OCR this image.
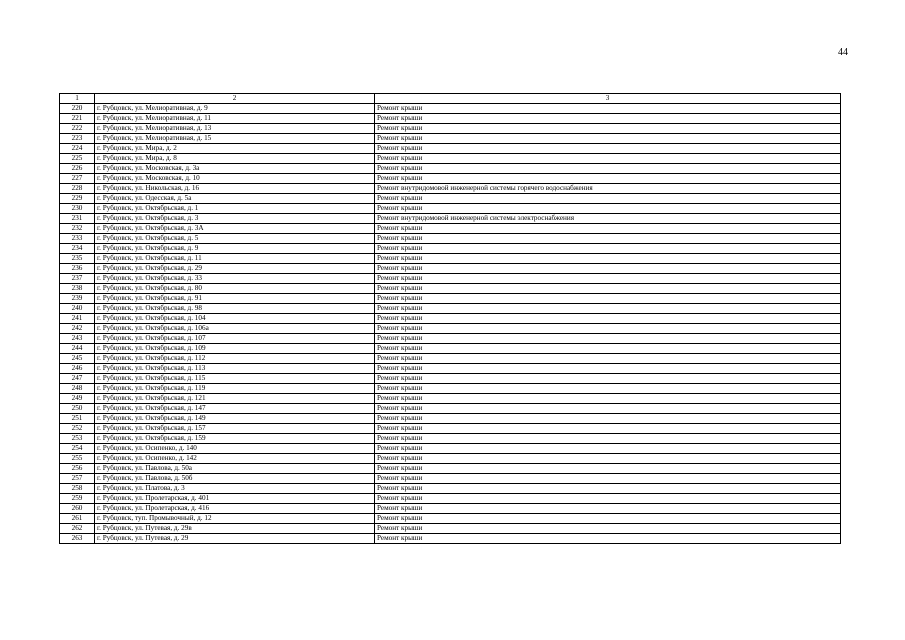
44
1	2	3
220	г. Рубцовск, ул. Мелиоративная, д. 9	Ремонт крыши
221	г. Рубцовск, ул. Мелиоративная, д. 11	Ремонт крыши
222	г. Рубцовск, ул. Мелиоративная, д. 13	Ремонт крыши
223	г. Рубцовск, ул. Мелиоративная, д. 15	Ремонт крыши
224	г. Рубцовск, ул. Мира, д. 2	Ремонт крыши
225	г. Рубцовск, ул. Мира, д. 8	Ремонт крыши
226	г. Рубцовск, ул. Московская, д. 3а	Ремонт крыши
227	г. Рубцовск, ул. Московская, д. 10	Ремонт крыши
228	г. Рубцовск, ул. Никольская, д. 16	Ремонт внутридомовой инженерной системы горячего водоснабжения
229	г. Рубцовск, ул. Одесская, д. 5а	Ремонт крыши
230	г. Рубцовск, ул. Октябрьская, д. 1	Ремонт крыши
231	г. Рубцовск, ул. Октябрьская, д. 3	Ремонт внутридомовой инженерной системы электроснабжения
232	г. Рубцовск, ул. Октябрьская, д. 3А	Ремонт крыши
233	г. Рубцовск, ул. Октябрьская, д. 5	Ремонт крыши
234	г. Рубцовск, ул. Октябрьская, д. 9	Ремонт крыши
235	г. Рубцовск, ул. Октябрьская, д. 11	Ремонт крыши
236	г. Рубцовск, ул. Октябрьская, д. 29	Ремонт крыши
237	г. Рубцовск, ул. Октябрьская, д. 33	Ремонт крыши
238	г. Рубцовск, ул. Октябрьская, д. 80	Ремонт крыши
239	г. Рубцовск, ул. Октябрьская, д. 91	Ремонт крыши
240	г. Рубцовск, ул. Октябрьская, д. 98	Ремонт крыши
241	г. Рубцовск, ул. Октябрьская, д. 104	Ремонт крыши
242	г. Рубцовск, ул. Октябрьская, д. 106а	Ремонт крыши
243	г. Рубцовск, ул. Октябрьская, д. 107	Ремонт крыши
244	г. Рубцовск, ул. Октябрьская, д. 109	Ремонт крыши
245	г. Рубцовск, ул. Октябрьская, д. 112	Ремонт крыши
246	г. Рубцовск, ул. Октябрьская, д. 113	Ремонт крыши
247	г. Рубцовск, ул. Октябрьская, д. 115	Ремонт крыши
248	г. Рубцовск, ул. Октябрьская, д. 119	Ремонт крыши
249	г. Рубцовск, ул. Октябрьская, д. 121	Ремонт крыши
250	г. Рубцовск, ул. Октябрьская, д. 147	Ремонт крыши
251	г. Рубцовск, ул. Октябрьская, д. 149	Ремонт крыши
252	г. Рубцовск, ул. Октябрьская, д. 157	Ремонт крыши
253	г. Рубцовск, ул. Октябрьская, д. 159	Ремонт крыши
254	г. Рубцовск, ул. Осипенко, д. 140	Ремонт крыши
255	г. Рубцовск, ул. Осипенко, д. 142	Ремонт крыши
256	г. Рубцовск, ул. Павлова, д. 50а	Ремонт крыши
257	г. Рубцовск, ул. Павлова, д. 50б	Ремонт крыши
258	г. Рубцовск, ул. Платова, д. 3	Ремонт крыши
259	г. Рубцовск, ул. Пролетарская, д. 401	Ремонт крыши
260	г. Рубцовск, ул. Пролетарская, д. 416	Ремонт крыши
261	г. Рубцовск, туп. Промывочный, д. 12	Ремонт крыши
262	г. Рубцовск, ул. Путевая, д. 29в	Ремонт крыши
263	г. Рубцовск, ул. Путевая, д. 29	Ремонт крыши
